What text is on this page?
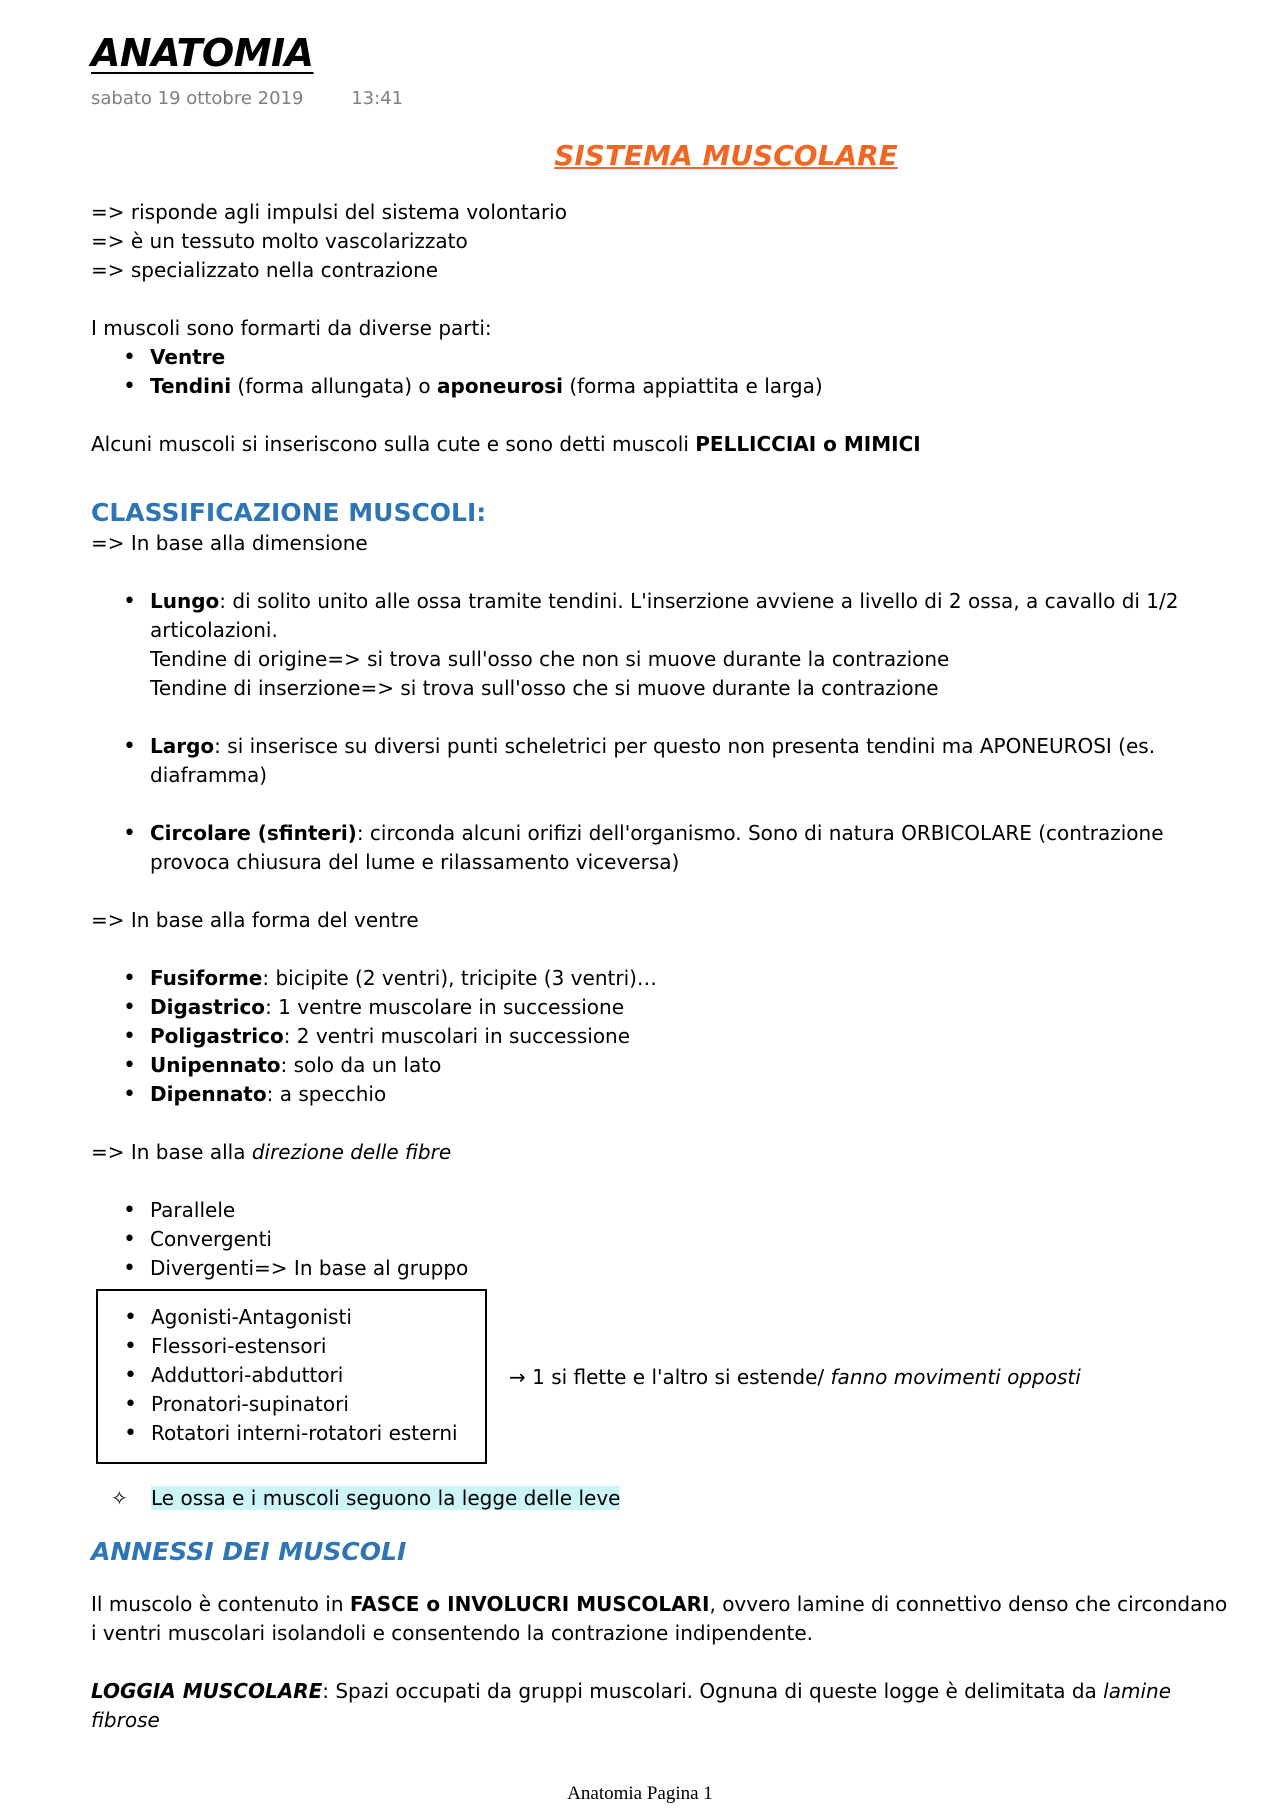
ANATOMIA
sabato 19 ottobre 2019	13:41
SISTEMA MUSCOLARE

=> risponde agli impulsi del sistema volontario

=> è un tessuto molto vascolarizzato

=> specializzato nella contrazione

I muscoli sono formarti da diverse parti:

• Ventre
• Tendini (forma allungata) o aponeurosi (forma appiattita e larga)

Alcuni muscoli si inseriscono sulla cute e sono detti muscoli PELLICCIAI o MIMICI

CLASSIFICAZIONE MUSCOLI:

=> In base alla dimensione

• Lungo: di solito unito alle ossa tramite tendini. L'inserzione avviene a livello di 2 ossa, a cavallo di 1/2 articolazioni.
Tendine di origine=> si trova sull'osso che non si muove durante la contrazione
Tendine di inserzione=> si trova sull'osso che si muove durante la contrazione
• Largo: si inserisce su diversi punti scheletrici per questo non presenta tendini ma APONEUROSI (es. diaframma)
• Circolare (sfinteri): circonda alcuni orifizi dell'organismo. Sono di natura ORBICOLARE (contrazione provoca chiusura del lume e rilassamento viceversa)

=> In base alla forma del ventre

• Fusiforme: bicipite (2 ventri), tricipite (3 ventri)…
• Digastrico: 1 ventre muscolare in successione
• Poligastrico: 2 ventri muscolari in successione
• Unipennato: solo da un lato
• Dipennato: a specchio

=> In base alla direzione delle fibre

• Parallele
• Convergenti
• Divergenti=> In base al gruppo
• Agonisti-Antagonisti
• Flessori-estensori
• Adduttori-abduttori
• Pronatori-supinatori
• Rotatori interni-rotatori esterni
→ 1 si flette e l'altro si estende/ fanno movimenti opposti
✧	Le ossa e i muscoli seguono la legge delle leve
ANNESSI DEI MUSCOLI

Il muscolo è contenuto in FASCE o INVOLUCRI MUSCOLARI, ovvero lamine di connettivo denso che circondano i ventri muscolari isolandoli e consentendo la contrazione indipendente.

LOGGIA MUSCOLARE: Spazi occupati da gruppi muscolari. Ognuna di queste logge è delimitata da lamine fibrose

Anatomia Pagina 1
